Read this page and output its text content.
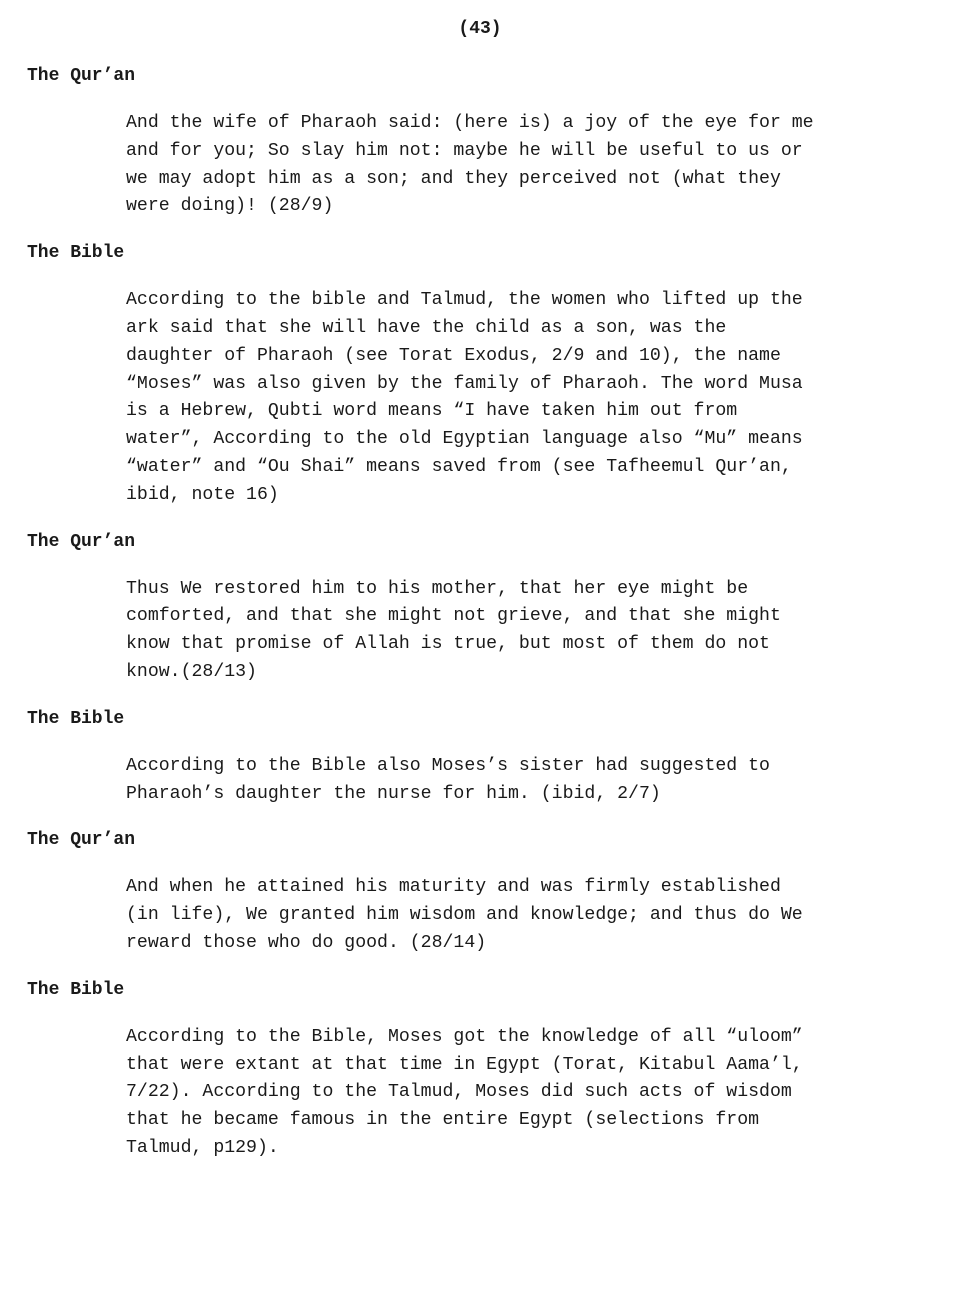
(43)
The Qur’an

And the wife of Pharaoh said: (here is) a joy of the eye for me
and for you; So slay him not: maybe he will be useful to us or
we may adopt him as a son; and they perceived not (what they
were doing)! (28/9)

The Bible

According to the bible and Talmud, the women who lifted up the
ark said that she will have the child as a son, was the
daughter of Pharaoh (see Torat Exodus, 2/9 and 10), the name
“Moses” was also given by the family of Pharaoh. The word Musa
is a Hebrew, Qubti word means “I have taken him out from
water”, According to the old Egyptian language also “Mu” means
“water” and “Ou Shai” means saved from (see Tafheemul Qur’an,
ibid, note 16)

The Qur’an

Thus We restored him to his mother, that her eye might be
comforted, and that she might not grieve, and that she might
know that promise of Allah is true, but most of them do not
know.(28/13)

The Bible

According to the Bible also Moses’s sister had suggested to
Pharaoh’s daughter the nurse for him. (ibid, 2/7)

The Qur’an

And when he attained his maturity and was firmly established
(in life), We granted him wisdom and knowledge; and thus do We
reward those who do good. (28/14)

The Bible

According to the Bible, Moses got the knowledge of all “uloom”
that were extant at that time in Egypt (Torat, Kitabul Aama’l,
7/22). According to the Talmud, Moses did such acts of wisdom
that he became famous in the entire Egypt (selections from
Talmud, p129).
